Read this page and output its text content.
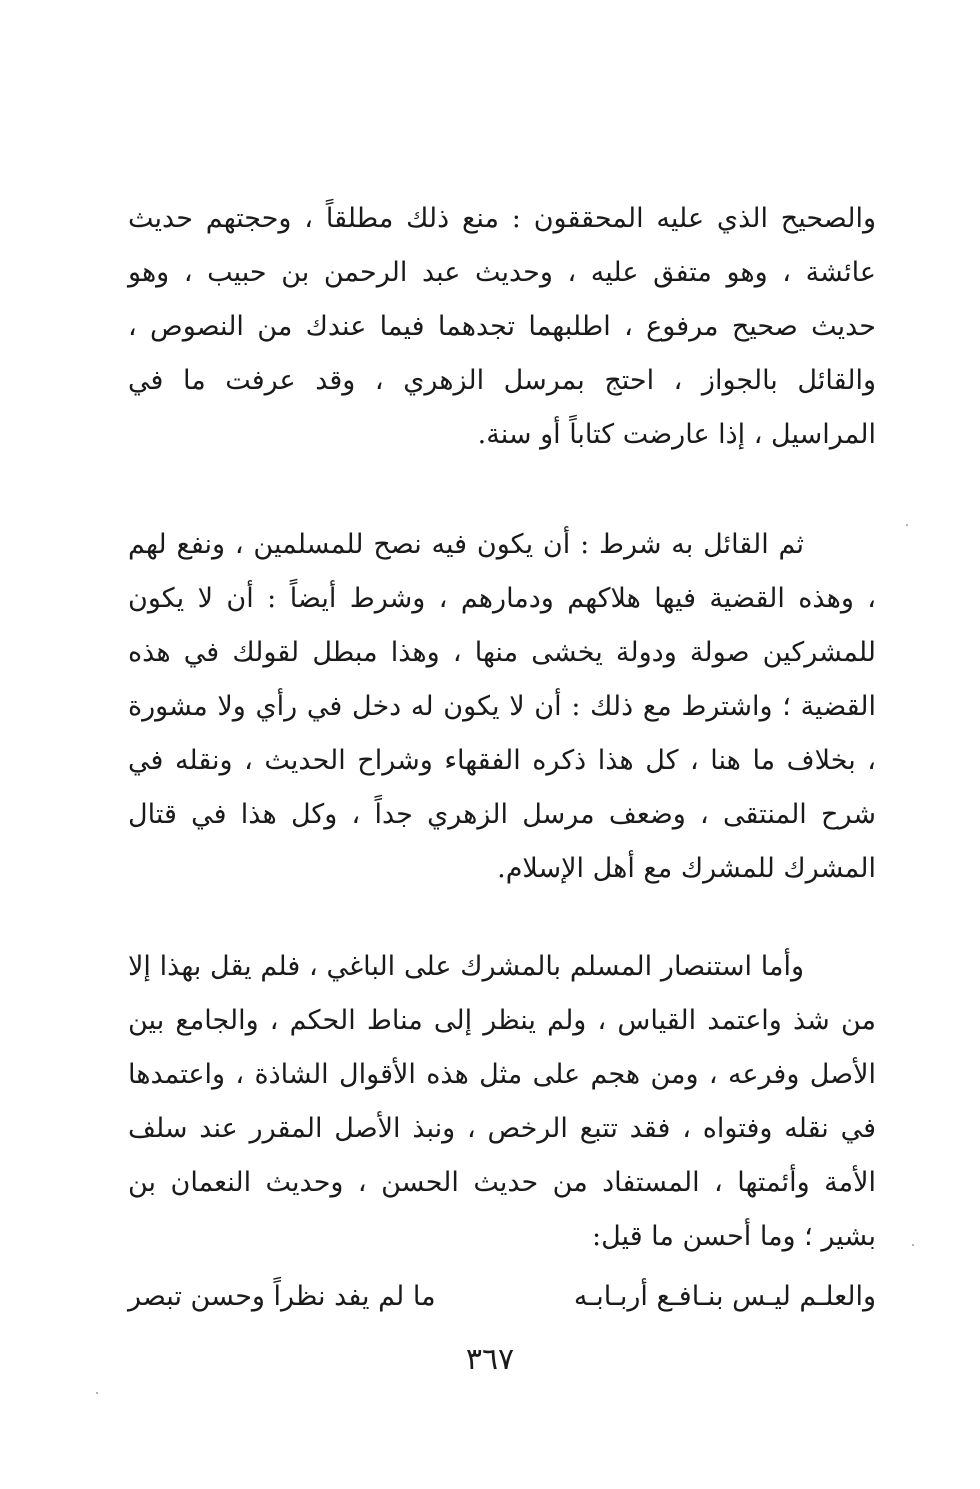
والصحيح الذي عليه المحققون : منع ذلك مطلقاً ، وحجتهم حديث عائشة ، وهو متفق عليه ، وحديث عبد الرحمن بن حبيب ، وهو حديث صحيح مرفوع ، اطلبهما تجدهما فيما عندك من النصوص ، والقائل بالجواز ، احتج بمرسل الزهري ، وقد عرفت ما في المراسيل ، إذا عارضت كتاباً أو سنة.

ثم القائل به شرط : أن يكون فيه نصح للمسلمين ، ونفع لهم ، وهذه القضية فيها هلاكهم ودمارهم ، وشرط أيضاً : أن لا يكون للمشركين صولة ودولة يخشى منها ، وهذا مبطل لقولك في هذه القضية ؛ واشترط مع ذلك : أن لا يكون له دخل في رأي ولا مشورة ، بخلاف ما هنا ، كل هذا ذكره الفقهاء وشراح الحديث ، ونقله في شرح المنتقى ، وضعف مرسل الزهري جداً ، وكل هذا في قتال المشرك للمشرك مع أهل الإسلام.

وأما استنصار المسلم بالمشرك على الباغي ، فلم يقل بهذا إلا من شذ واعتمد القياس ، ولم ينظر إلى مناط الحكم ، والجامع بين الأصل وفرعه ، ومن هجم على مثل هذه الأقوال الشاذة ، واعتمدها في نقله وفتواه ، فقد تتبع الرخص ، ونبذ الأصل المقرر عند سلف الأمة وأئمتها ، المستفاد من حديث الحسن ، وحديث النعمان بن بشير ؛ وما أحسن ما قيل:

والعلـم ليـس بنـافـع أربـابـه
ما لم يفد نظراً وحسن تبصر
٣٦٧
